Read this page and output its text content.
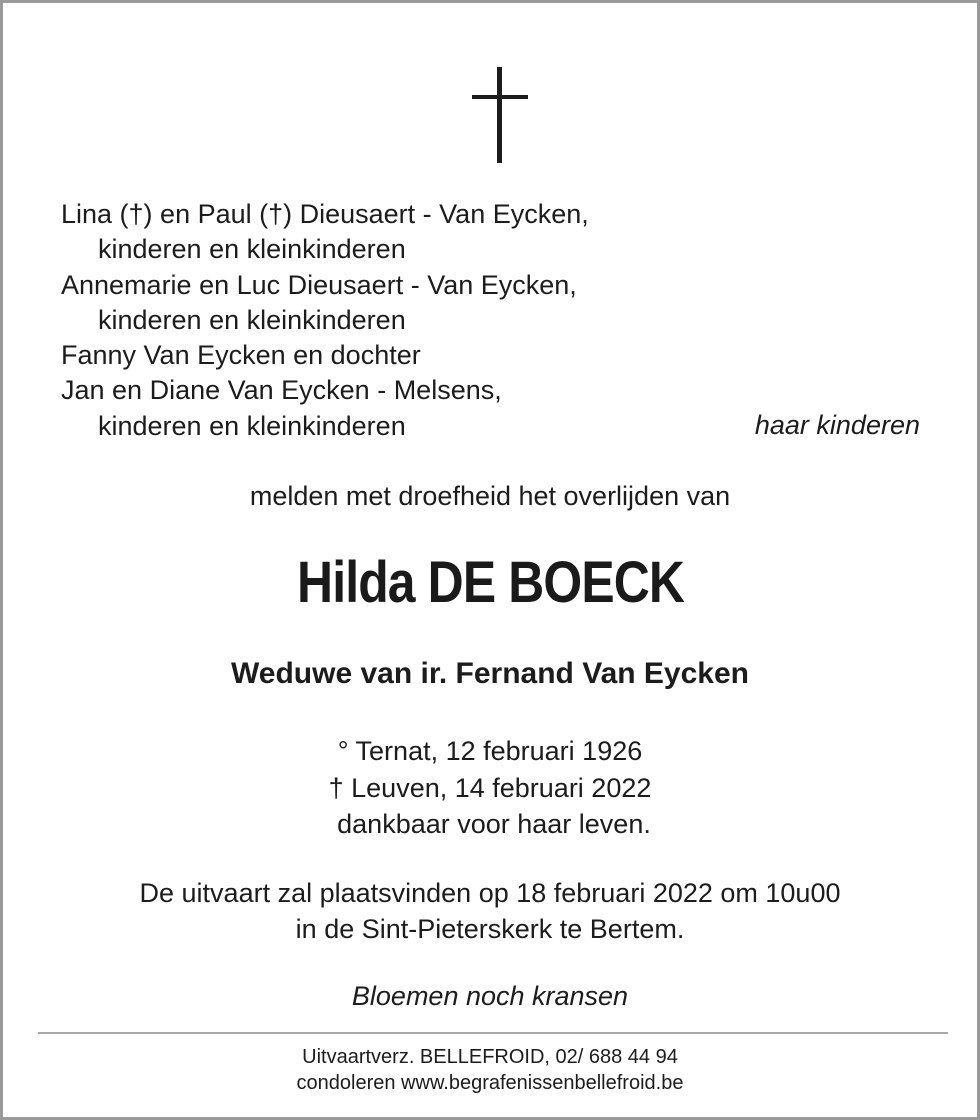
Lina (†) en Paul (†) Dieusaert - Van Eycken,
kinderen en kleinkinderen
Annemarie en Luc Dieusaert - Van Eycken,
kinderen en kleinkinderen
Fanny Van Eycken en dochter
Jan en Diane Van Eycken - Melsens,
kinderen en kleinkinderen	haar kinderen
melden met droefheid het overlijden van
Hilda DE BOECK
Weduwe van ir. Fernand Van Eycken
° Ternat, 12 februari 1926
† Leuven, 14 februari 2022
dankbaar voor haar leven.
De uitvaart zal plaatsvinden op 18 februari 2022 om 10u00
in de Sint-Pieterskerk te Bertem.
Bloemen noch kransen
Uitvaartverz. BELLEFROID, 02/ 688 44 94
condoleren www.begrafenissenbellefroid.be
